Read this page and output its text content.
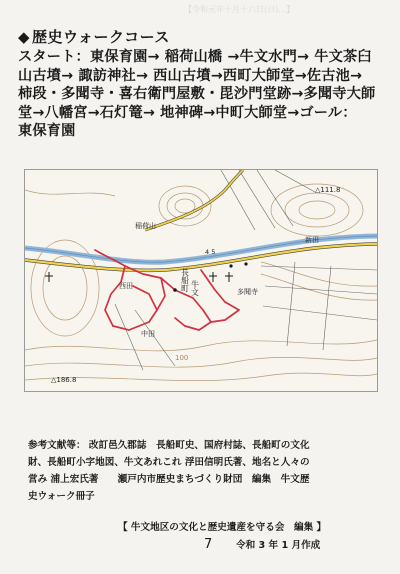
【令和元年十月十六日(日)…】
◆ 歴史ウォークコース
スタート：東保育園→ 稲荷山橋 →牛文水門→ 牛文茶臼
山古墳→ 諏訪神社→ 西山古墳→西町大師堂→佐古池→
柿段・多聞寺・喜右衛門屋敷・毘沙門堂跡→多聞寺大師
堂→八幡宮→石灯篭→ 地神碑→中町大師堂→ゴール：
東保育園
稲荷山
新田
多聞寺
西田
中田
△111.8
△186.8
100
4 5
長船町 牛文
参考文献等： 改訂邑久郡誌　長船町史、国府村誌、長船町の文化
財、長船町小字地図、牛文あれこれ 浮田信明氏著、地名と人々の
営み 浦上宏氏著　　瀬戸内市歴史まちづくり財団　編集　牛文歴
史ウォーク冊子
【 牛文地区の文化と歴史遺産を守る会　編集 】
7 令和 3 年 1 月作成
